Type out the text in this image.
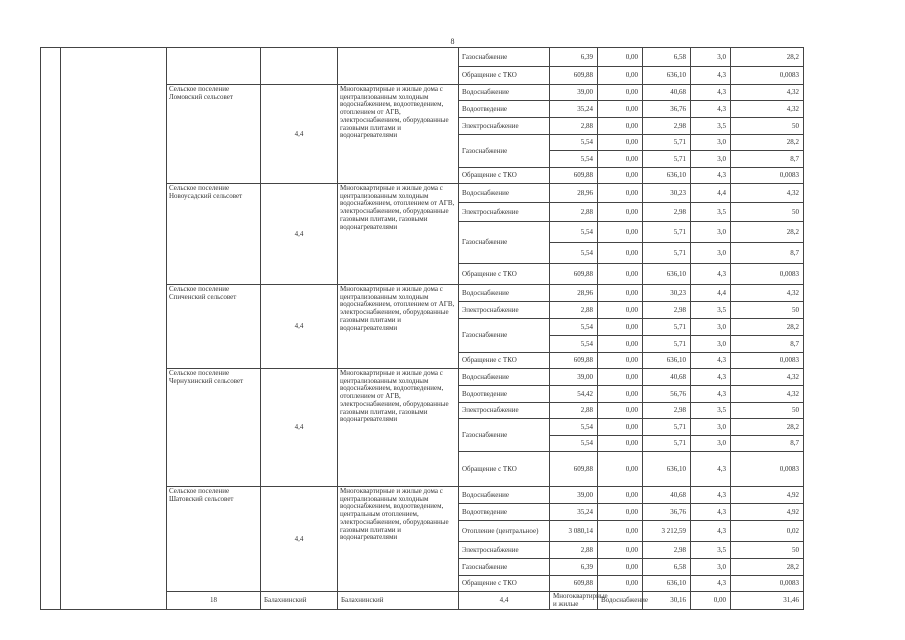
8
					Газоснабжение	6,39	0,00	6,58	3,0	28,2	
					Обращение с ТКО	609,88	0,00	636,10	4,3	0,0083	
		Сельское поселение Ломовский сельсовет	4,4	Многоквартирные и жилые дома с централизованным холодным водоснабжением, водоотведением, отоплением от АГВ, электроснабжением, оборудованные газовыми плитами и водонагревателями	Водоснабжение	39,00	0,00	40,68	4,3	4,32	
					Водоотведение	35,24	0,00	36,76	4,3	4,32	
					Электроснабжение	2,88	0,00	2,98	3,5	50	
					Газоснабжение	5,54	0,00	5,71	3,0	28,2	
						5,54	0,00	5,71	3,0	8,7	
					Обращение с ТКО	609,88	0,00	636,10	4,3	0,0083	
		Сельское поселение Новоусадский сельсовет	4,4	Многоквартирные и жилые дома с централизованным холодным водоснабжением, отоплением от АГВ, электроснабжением, оборудованные газовыми плитами, газовыми водонагревателями	Водоснабжение	28,96	0,00	30,23	4,4	4,32	
					Электроснабжение	2,88	0,00	2,98	3,5	50	
					Газоснабжение	5,54	0,00	5,71	3,0	28,2	
						5,54	0,00	5,71	3,0	8,7	
					Обращение с ТКО	609,88	0,00	636,10	4,3	0,0083	
		Сельское поселение Спиченский сельсовет	4,4	Многоквартирные и жилые дома с централизованным холодным водоснабжением, отоплением от АГВ, электроснабжением, оборудованные газовыми плитами и водонагревателями	Водоснабжение	28,96	0,00	30,23	4,4	4,32	
					Электроснабжение	2,88	0,00	2,98	3,5	50	
					Газоснабжение	5,54	0,00	5,71	3,0	28,2	
						5,54	0,00	5,71	3,0	8,7	
					Обращение с ТКО	609,88	0,00	636,10	4,3	0,0083	
		Сельское поселение Чернухинский сельсовет	4,4	Многоквартирные и жилые дома с централизованным холодным водоснабжением, водоотведением, отоплением от АГВ, электроснабжением, оборудованные газовыми плитами, газовыми водонагревателями	Водоснабжение	39,00	0,00	40,68	4,3	4,32	
					Водоотведение	54,42	0,00	56,76	4,3	4,32	
					Электроснабжение	2,88	0,00	2,98	3,5	50	
					Газоснабжение	5,54	0,00	5,71	3,0	28,2	
						5,54	0,00	5,71	3,0	8,7	
					Обращение с ТКО	609,88	0,00	636,10	4,3	0,0083	
		Сельское поселение Шатовский сельсовет	4,4	Многоквартирные и жилые дома с централизованным холодным водоснабжением, водоотведением, центральным отоплением, электроснабжением, оборудованные газовыми плитами и водонагревателями	Водоснабжение	39,00	0,00	40,68	4,3	4,92	
					Водоотведение	35,24	0,00	36,76	4,3	4,92	
					Отопление (центральное)	3 080,14	0,00	3 212,59	4,3	0,02	
					Электроснабжение	2,88	0,00	2,98	3,5	50	
					Газоснабжение	6,39	0,00	6,58	3,0	28,2	
					Обращение с ТКО	609,88	0,00	636,10	4,3	0,0083	
		18	Балахнинский	Балахнинский	4,4	Многоквартирные и жилые	Водоснабжение	30,16	0,00	31,46		
